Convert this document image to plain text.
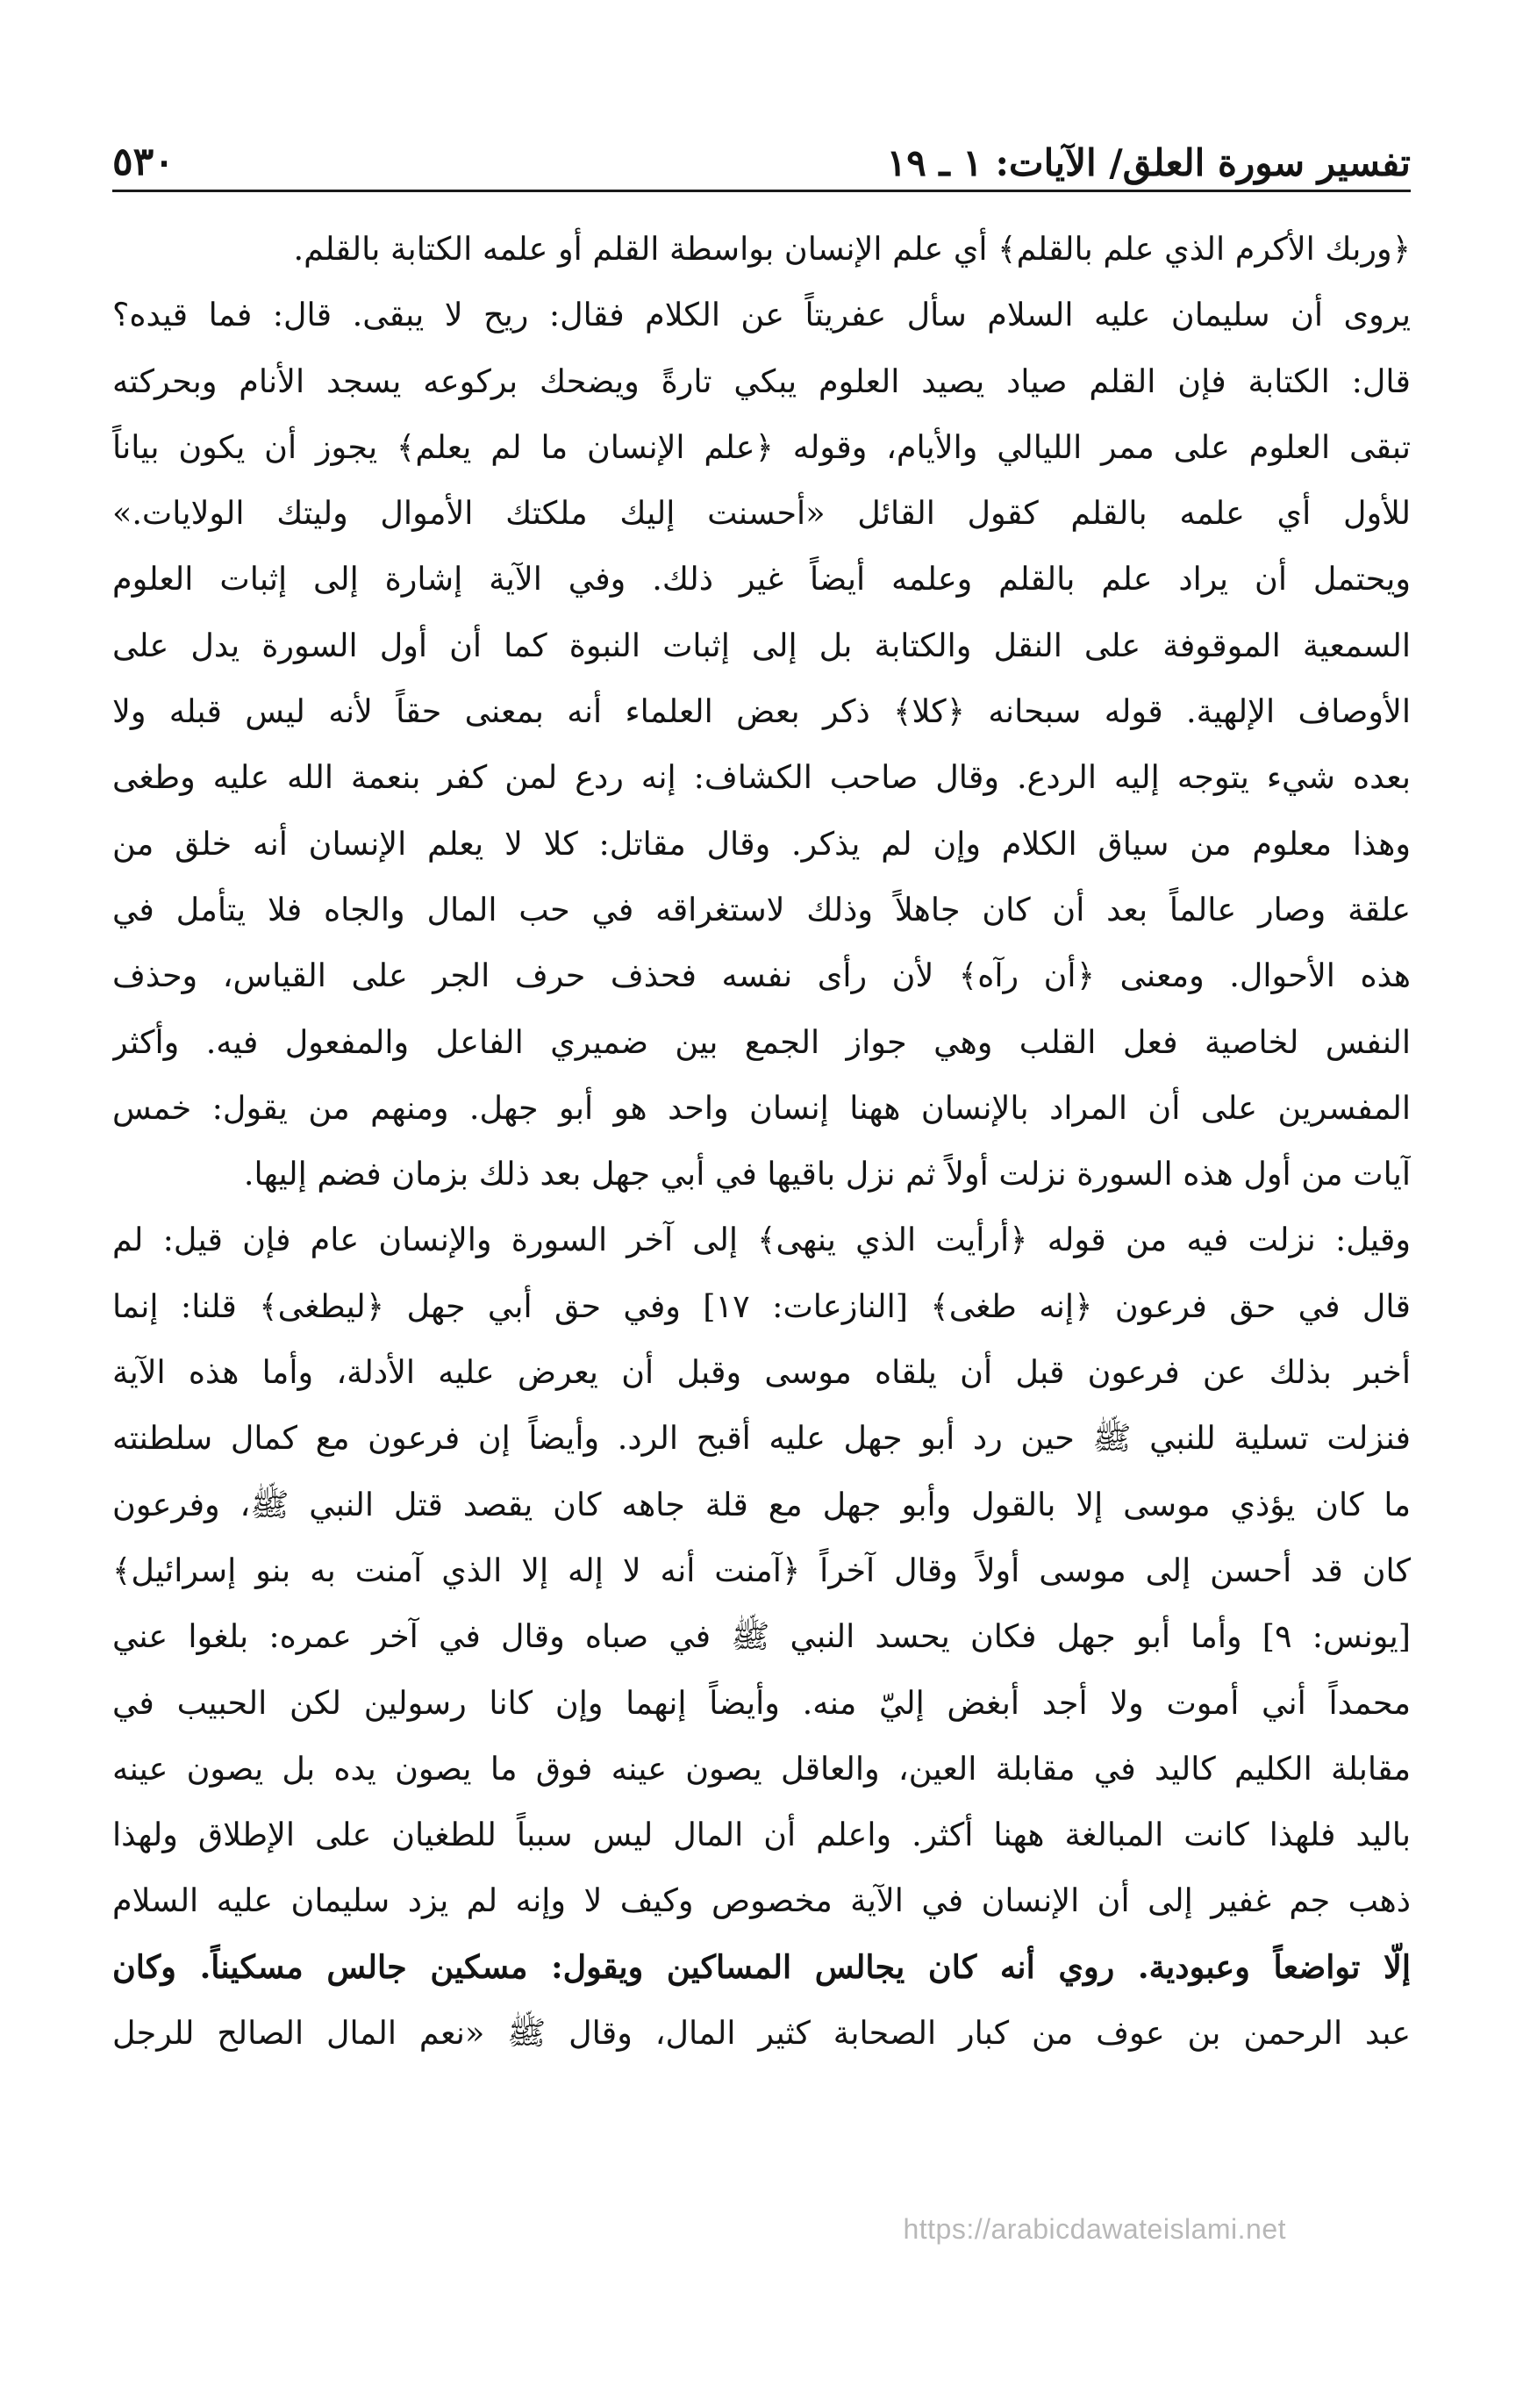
تفسير سورة العلق/ الآيات: ١ ـ ١٩
٥٣٠
﴿وربك الأكرم الذي علم بالقلم﴾ أي علم الإنسان بواسطة القلم أو علمه الكتابة بالقلم.
يروى أن سليمان عليه السلام سأل عفريتاً عن الكلام فقال: ريح لا يبقى. قال: فما قيده؟
قال: الكتابة فإن القلم صياد يصيد العلوم يبكي تارةً ويضحك بركوعه يسجد الأنام وبحركته
تبقى العلوم على ممر الليالي والأيام، وقوله ﴿علم الإنسان ما لم يعلم﴾ يجوز أن يكون بياناً
للأول أي علمه بالقلم كقول القائل «أحسنت إليك ملكتك الأموال وليتك الولايات.»
ويحتمل أن يراد علم بالقلم وعلمه أيضاً غير ذلك. وفي الآية إشارة إلى إثبات العلوم
السمعية الموقوفة على النقل والكتابة بل إلى إثبات النبوة كما أن أول السورة يدل على
الأوصاف الإلهية. قوله سبحانه ﴿كلا﴾ ذكر بعض العلماء أنه بمعنى حقاً لأنه ليس قبله ولا
بعده شيء يتوجه إليه الردع. وقال صاحب الكشاف: إنه ردع لمن كفر بنعمة الله عليه وطغى
وهذا معلوم من سياق الكلام وإن لم يذكر. وقال مقاتل: كلا لا يعلم الإنسان أنه خلق من
علقة وصار عالماً بعد أن كان جاهلاً وذلك لاستغراقه في حب المال والجاه فلا يتأمل في
هذه الأحوال. ومعنى ﴿أن رآه﴾ لأن رأى نفسه فحذف حرف الجر على القياس، وحذف
النفس لخاصية فعل القلب وهي جواز الجمع بين ضميري الفاعل والمفعول فيه. وأكثر
المفسرين على أن المراد بالإنسان ههنا إنسان واحد هو أبو جهل. ومنهم من يقول: خمس
آيات من أول هذه السورة نزلت أولاً ثم نزل باقيها في أبي جهل بعد ذلك بزمان فضم إليها.
وقيل: نزلت فيه من قوله ﴿أرأيت الذي ينهى﴾ إلى آخر السورة والإنسان عام فإن قيل: لم
قال في حق فرعون ﴿إنه طغى﴾ [النازعات: ١٧] وفي حق أبي جهل ﴿ليطغى﴾ قلنا: إنما
أخبر بذلك عن فرعون قبل أن يلقاه موسى وقبل أن يعرض عليه الأدلة، وأما هذه الآية
فنزلت تسلية للنبي ﷺ حين رد أبو جهل عليه أقبح الرد. وأيضاً إن فرعون مع كمال سلطنته
ما كان يؤذي موسى إلا بالقول وأبو جهل مع قلة جاهه كان يقصد قتل النبي ﷺ، وفرعون
كان قد أحسن إلى موسى أولاً وقال آخراً ﴿آمنت أنه لا إله إلا الذي آمنت به بنو إسرائيل﴾
[يونس: ٩] وأما أبو جهل فكان يحسد النبي ﷺ في صباه وقال في آخر عمره: بلغوا عني
محمداً أني أموت ولا أجد أبغض إليّ منه. وأيضاً إنهما وإن كانا رسولين لكن الحبيب في
مقابلة الكليم كاليد في مقابلة العين، والعاقل يصون عينه فوق ما يصون يده بل يصون عينه
باليد فلهذا كانت المبالغة ههنا أكثر. واعلم أن المال ليس سبباً للطغيان على الإطلاق ولهذا
ذهب جم غفير إلى أن الإنسان في الآية مخصوص وكيف لا وإنه لم يزد سليمان عليه السلام
إلّا تواضعاً وعبودية. روي أنه كان يجالس المساكين ويقول: مسكين جالس مسكيناً. وكان
عبد الرحمن بن عوف من كبار الصحابة كثير المال، وقال ﷺ «نعم المال الصالح للرجل
https://arabicdawateislami.net
